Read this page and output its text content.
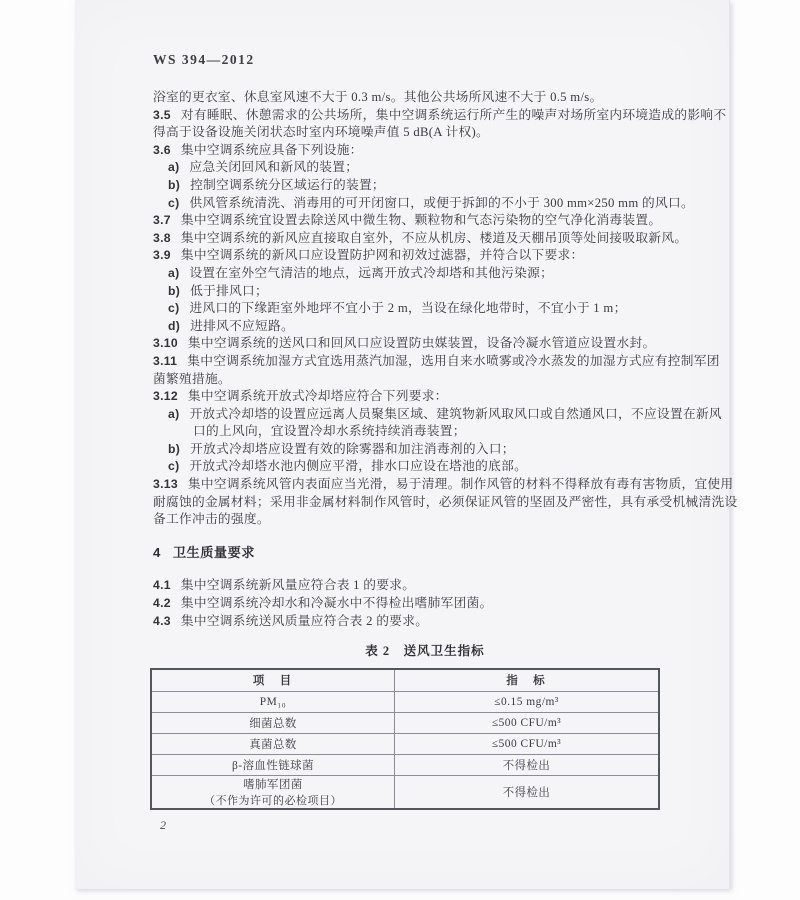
WS 394—2012
浴室的更衣室、休息室风速不大于 0.3 m/s。其他公共场所风速不大于 0.5 m/s。
3.5 对有睡眠、休憩需求的公共场所，集中空调系统运行所产生的噪声对场所室内环境造成的影响不
得高于设备设施关闭状态时室内环境噪声值 5 dB(A 计权)。
3.6 集中空调系统应具备下列设施：
a) 应急关闭回风和新风的装置；
b) 控制空调系统分区域运行的装置；
c) 供风管系统清洗、消毒用的可开闭窗口，或便于拆卸的不小于 300 mm×250 mm 的风口。
3.7 集中空调系统宜设置去除送风中微生物、颗粒物和气态污染物的空气净化消毒装置。
3.8 集中空调系统的新风应直接取自室外，不应从机房、楼道及天棚吊顶等处间接吸取新风。
3.9 集中空调系统的新风口应设置防护网和初效过滤器，并符合以下要求：
a) 设置在室外空气清洁的地点，远离开放式冷却塔和其他污染源；
b) 低于排风口；
c) 进风口的下缘距室外地坪不宜小于 2 m，当设在绿化地带时，不宜小于 1 m；
d) 进排风不应短路。
3.10 集中空调系统的送风口和回风口应设置防虫媒装置，设备冷凝水管道应设置水封。
3.11 集中空调系统加湿方式宜选用蒸汽加湿，选用自来水喷雾或冷水蒸发的加湿方式应有控制军团
菌繁殖措施。
3.12 集中空调系统开放式冷却塔应符合下列要求：
a) 开放式冷却塔的设置应远离人员聚集区域、建筑物新风取风口或自然通风口，不应设置在新风
口的上风向，宜设置冷却水系统持续消毒装置；
b) 开放式冷却塔应设置有效的除雾器和加注消毒剂的入口；
c) 开放式冷却塔水池内侧应平滑，排水口应设在塔池的底部。
3.13 集中空调系统风管内表面应当光滑，易于清理。制作风管的材料不得释放有毒有害物质，宜使用
耐腐蚀的金属材料；采用非金属材料制作风管时，必须保证风管的坚固及严密性，具有承受机械清洗设
备工作冲击的强度。
4 卫生质量要求
4.1 集中空调系统新风量应符合表 1 的要求。
4.2 集中空调系统冷却水和冷凝水中不得检出嗜肺军团菌。
4.3 集中空调系统送风质量应符合表 2 的要求。
表 2　送风卫生指标
项　目	指　标
PM₁₀	≤0.15 mg/m³
细菌总数	≤500 CFU/m³
真菌总数	≤500 CFU/m³
β-溶血性链球菌	不得检出

嗜肺军团菌
（不作为许可的必检项目）	不得检出
2
